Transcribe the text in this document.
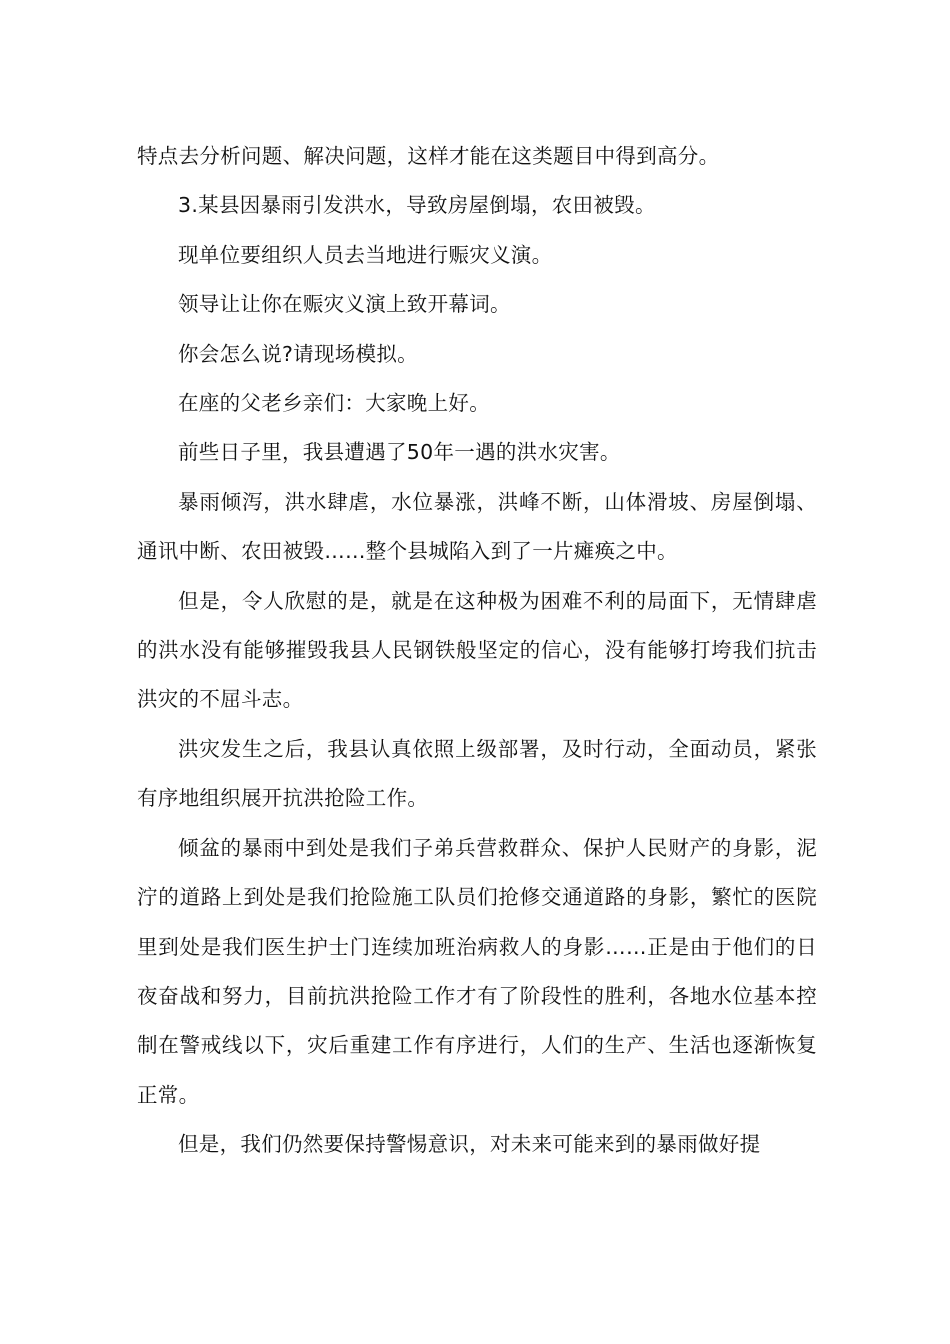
特点去分析问题、解决问题，这样才能在这类题目中得到高分。

3.某县因暴雨引发洪水，导致房屋倒塌，农田被毁。

现单位要组织人员去当地进行赈灾义演。

领导让让你在赈灾义演上致开幕词。

你会怎么说?请现场模拟。

在座的父老乡亲们：大家晚上好。

前些日子里，我县遭遇了50年一遇的洪水灾害。

暴雨倾泻，洪水肆虐，水位暴涨，洪峰不断，山体滑坡、房屋倒塌、通讯中断、农田被毁……整个县城陷入到了一片瘫痪之中。

但是，令人欣慰的是，就是在这种极为困难不利的局面下，无情肆虐的洪水没有能够摧毁我县人民钢铁般坚定的信心，没有能够打垮我们抗击洪灾的不屈斗志。

洪灾发生之后，我县认真依照上级部署，及时行动，全面动员，紧张有序地组织展开抗洪抢险工作。

倾盆的暴雨中到处是我们子弟兵营救群众、保护人民财产的身影，泥泞的道路上到处是我们抢险施工队员们抢修交通道路的身影，繁忙的医院里到处是我们医生护士门连续加班治病救人的身影……正是由于他们的日夜奋战和努力，目前抗洪抢险工作才有了阶段性的胜利，各地水位基本控制在警戒线以下，灾后重建工作有序进行，人们的生产、生活也逐渐恢复正常。

但是，我们仍然要保持警惕意识，对未来可能来到的暴雨做好提
